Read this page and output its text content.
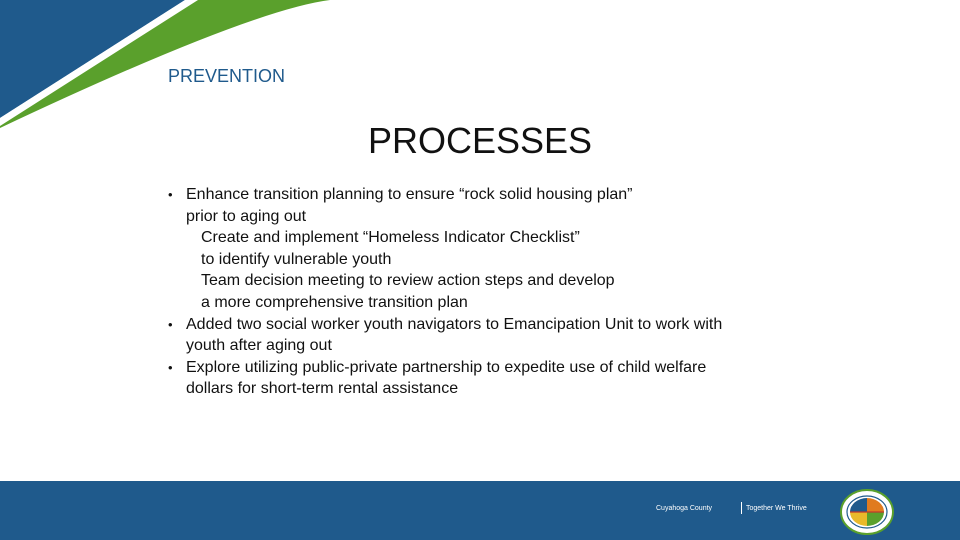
PREVENTION
PROCESSES
• Enhance transition planning to ensure “rock solid housing plan”
prior to aging out
Create and implement “Homeless Indicator Checklist”
to identify vulnerable youth
Team decision meeting to review action steps and develop
a more comprehensive transition plan
• Added two social worker youth navigators to Emancipation Unit to work with
youth after aging out
• Explore utilizing public-private partnership to expedite use of child welfare
dollars for short-term rental assistance
Cuyahoga County	Together We Thrive
